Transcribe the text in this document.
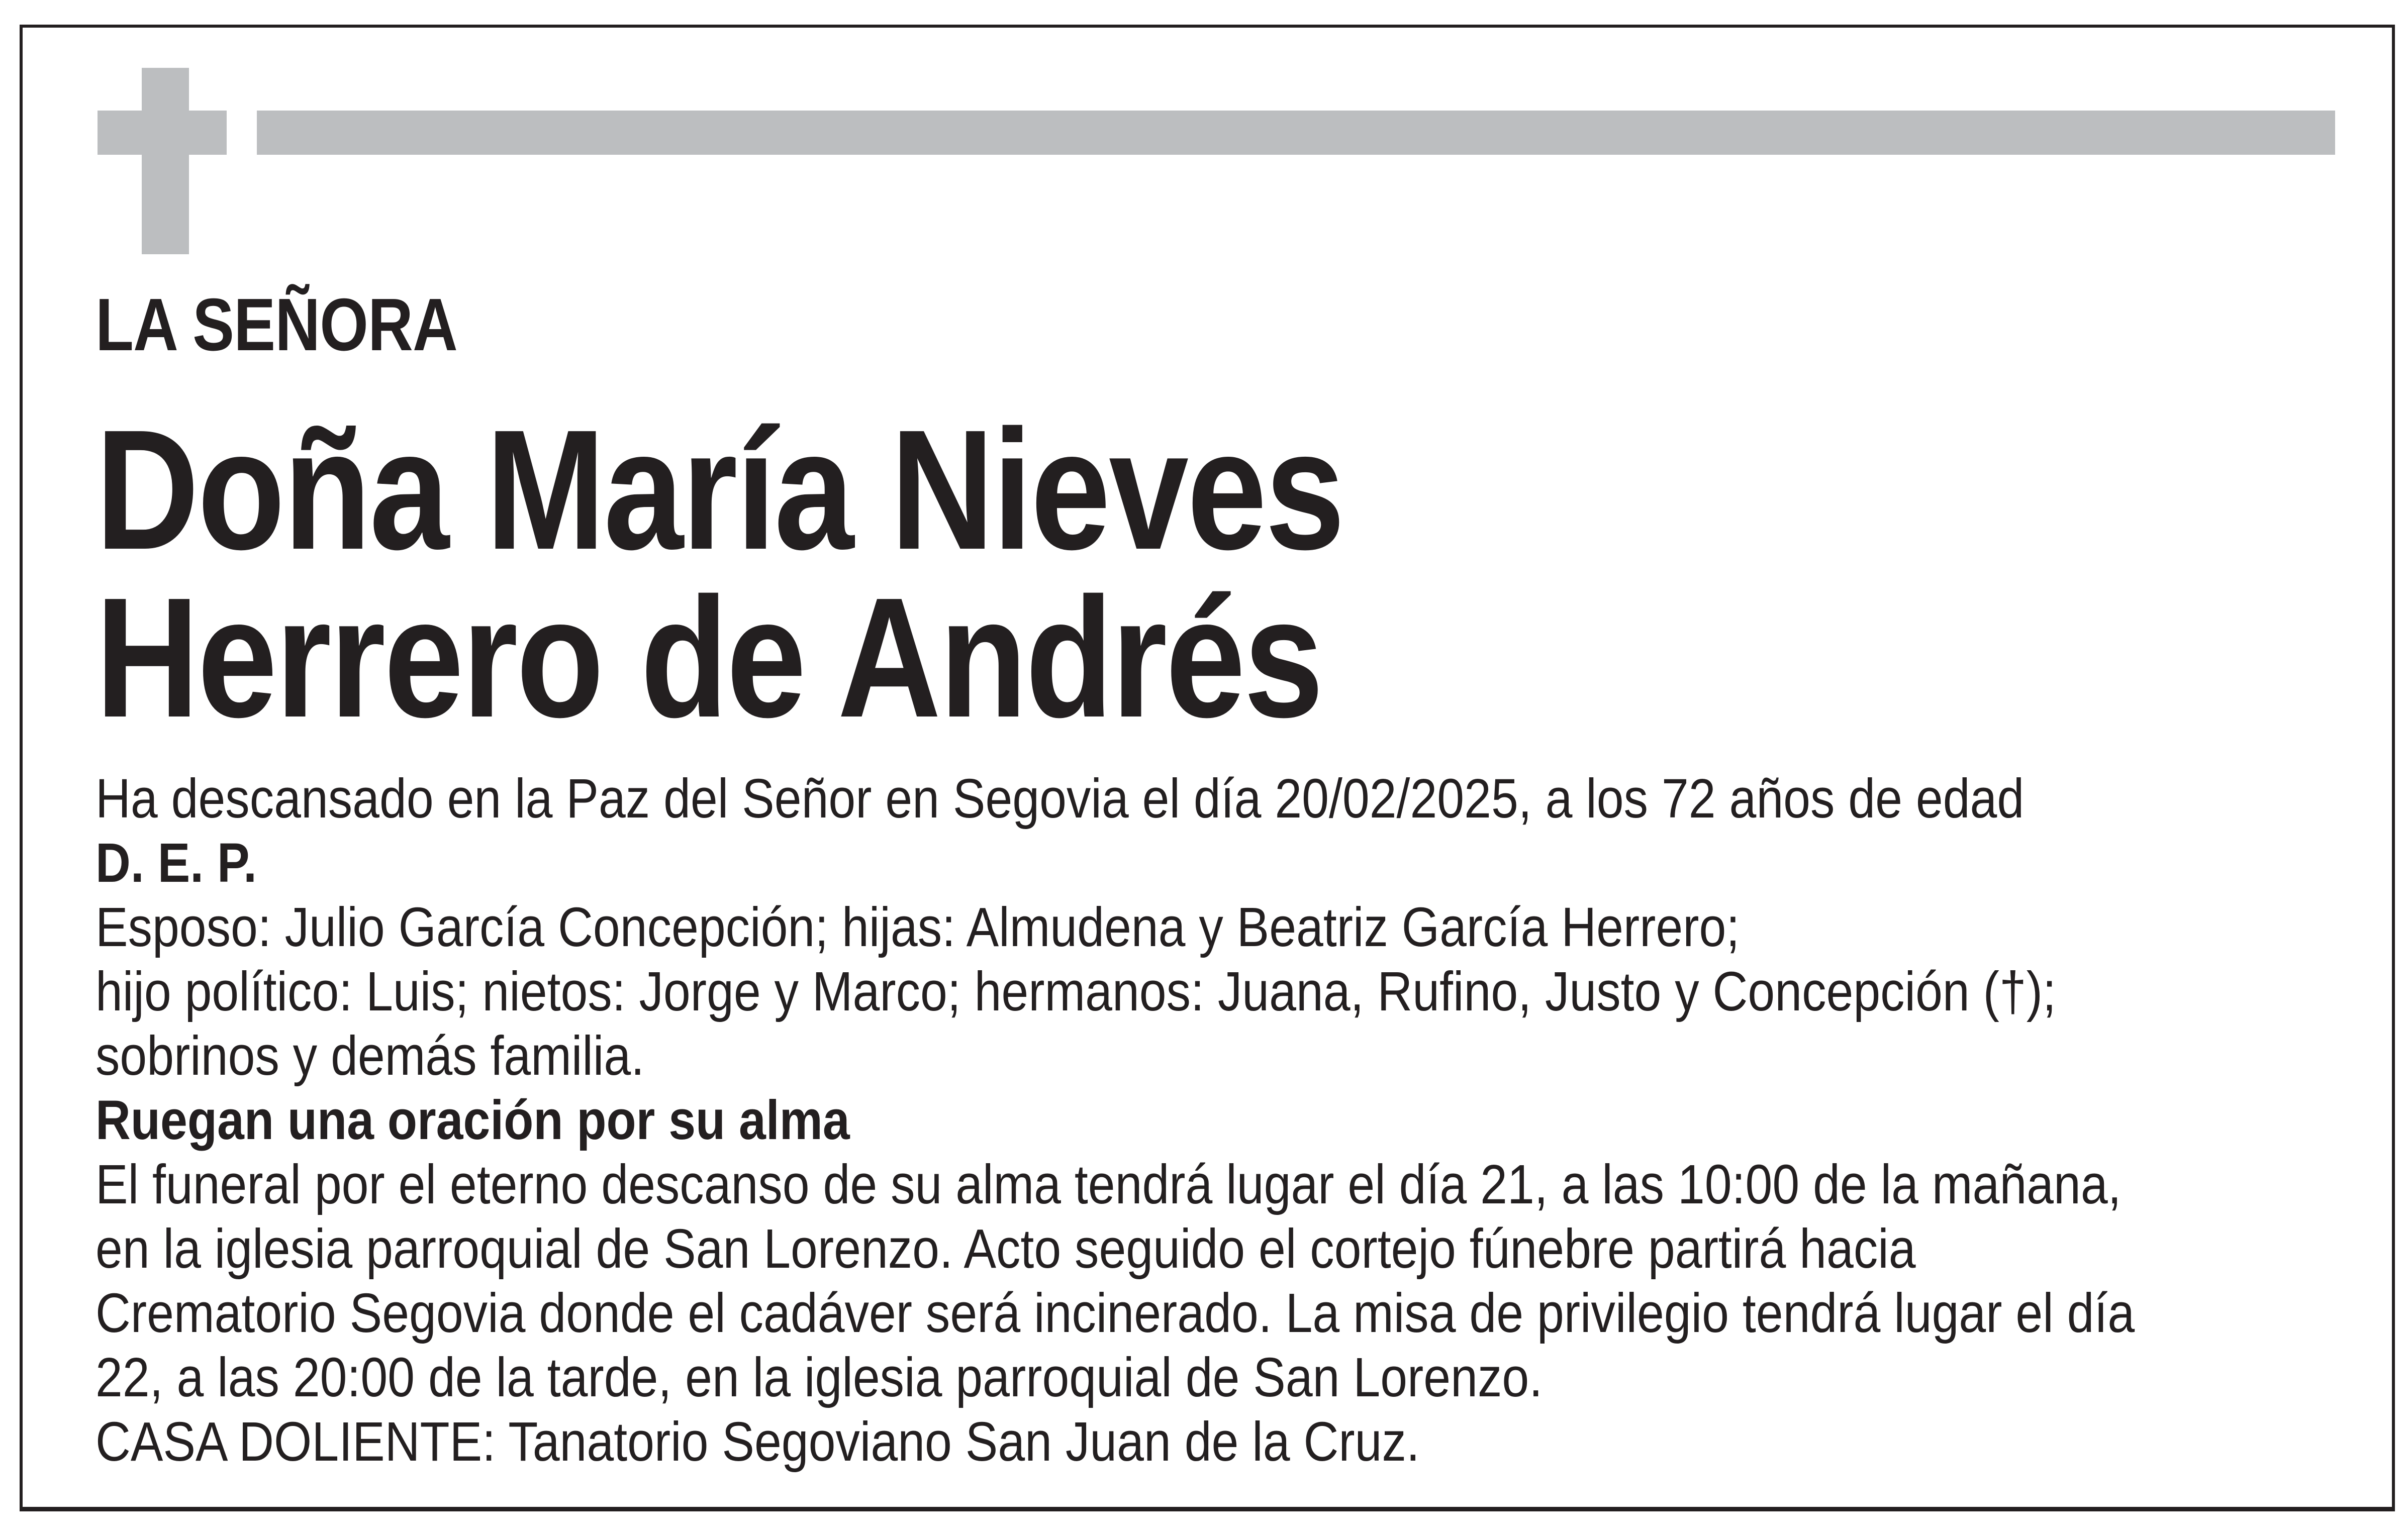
LA SEÑORA
Doña María Nieves
Herrero de Andrés
Ha descansado en la Paz del Señor en Segovia el día 20/02/2025, a los 72 años de edad
D. E. P.
Esposo: Julio García Concepción; hijas: Almudena y Beatriz García Herrero;
hijo político: Luis; nietos: Jorge y Marco; hermanos: Juana, Rufino, Justo y Concepción (†);
sobrinos y demás familia.
Ruegan una oración por su alma
El funeral por el eterno descanso de su alma tendrá lugar el día 21, a las 10:00 de la mañana,
en la iglesia parroquial de San Lorenzo. Acto seguido el cortejo fúnebre partirá hacia
Crematorio Segovia donde el cadáver será incinerado. La misa de privilegio tendrá lugar el día
22, a las 20:00 de la tarde, en la iglesia parroquial de San Lorenzo.
CASA DOLIENTE: Tanatorio Segoviano San Juan de la Cruz.
